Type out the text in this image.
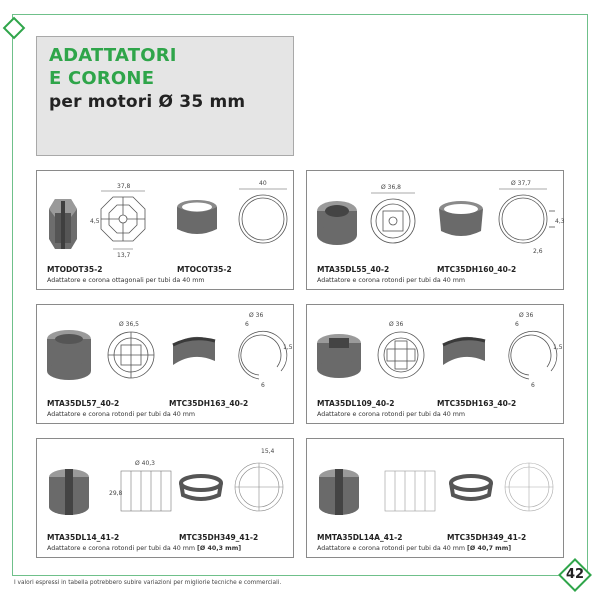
ADATTATORI
E CORONE
per motori Ø 35 mm
37,8
4,5
13,7
40
MTODOT35-2	MTOCOT35-2
Adattatore e corona ottagonali per tubi da 40 mm
Ø 36,8
Ø 37,7
4,3
2,6
MTA35DL55_40-2	MTC35DH160_40-2
Adattatore e corona rotondi per tubi da 40 mm
Ø 36,5
Ø 36
6
1,5
6
MTA35DL57_40-2	MTC35DH163_40-2
Adattatore e corona rotondi per tubi da 40 mm
Ø 36
Ø 36
6
1,5
6
MTA35DL109_40-2	MTC35DH163_40-2
Adattatore e corona rotondi per tubi da 40 mm
Ø 40,3
29,8
15,4
MTA35DL14_41-2	MTC35DH349_41-2
Adattatore e corona rotondi per tubi da 40 mm [Ø 40,3 mm]
MMTA35DL14A_41-2	MTC35DH349_41-2
Adattatore e corona rotondi per tubi da 40 mm [Ø 40,7 mm]
I valori espressi in tabella potrebbero subire variazioni per migliorie tecniche e commerciali.
42
